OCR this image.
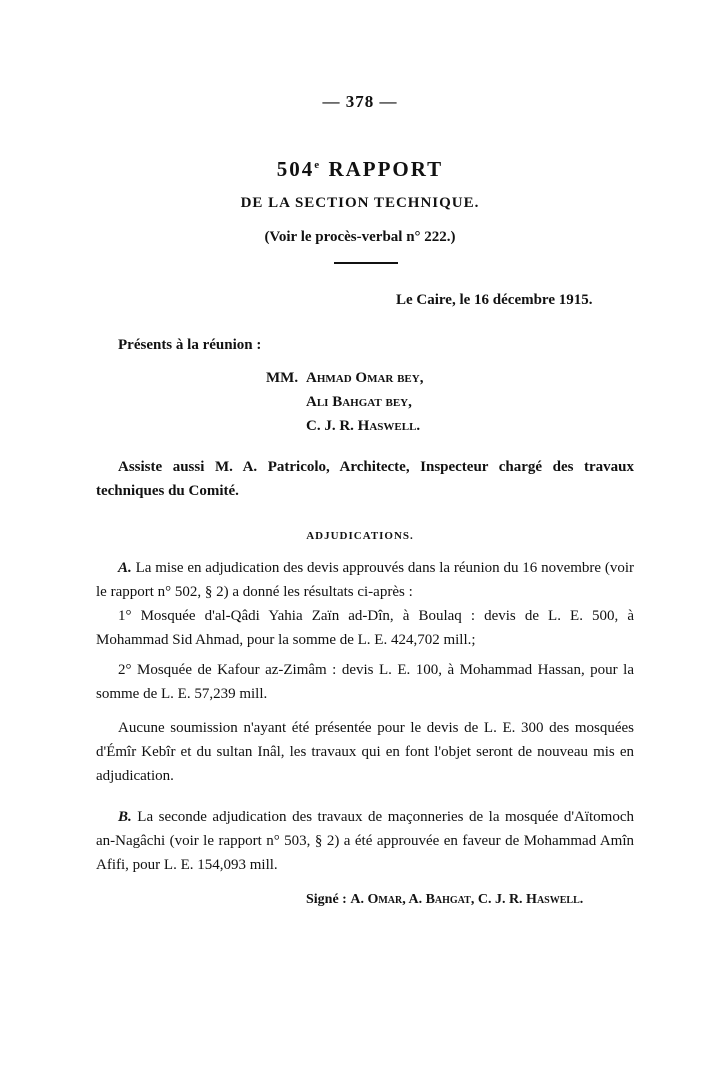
— 378 —
504e RAPPORT
DE LA SECTION TECHNIQUE.
(Voir le procès-verbal n° 222.)
Le Caire, le 16 décembre 1915.
Présents à la réunion :
MM. Ahmad Omar bey,
Ali Bahgat bey,
C. J. R. Haswell.
Assiste aussi M. A. Patricolo, Architecte, Inspecteur chargé des travaux techniques du Comité.
ADJUDICATIONS.
A. La mise en adjudication des devis approuvés dans la réunion du 16 novembre (voir le rapport n° 502, § 2) a donné les résultats ci-après :
1° Mosquée d'al-Qâdi Yahia Zaïn ad-Dîn, à Boulaq : devis de L. E. 500, à Mohammad Sid Ahmad, pour la somme de L. E. 424,702 mill.;
2° Mosquée de Kafour az-Zimâm : devis L. E. 100, à Mohammad Hassan, pour la somme de L. E. 57,239 mill.
Aucune soumission n'ayant été présentée pour le devis de L. E. 300 des mosquées d'Émîr Kebîr et du sultan Inâl, les travaux qui en font l'objet seront de nouveau mis en adjudication.
B. La seconde adjudication des travaux de maçonneries de la mosquée d'Aïtomoch an-Nagâchi (voir le rapport n° 503, § 2) a été approuvée en faveur de Mohammad Amîn Afifi, pour L. E. 154,093 mill.
Signé : A. Omar, A. Bahgat, C. J. R. Haswell.
